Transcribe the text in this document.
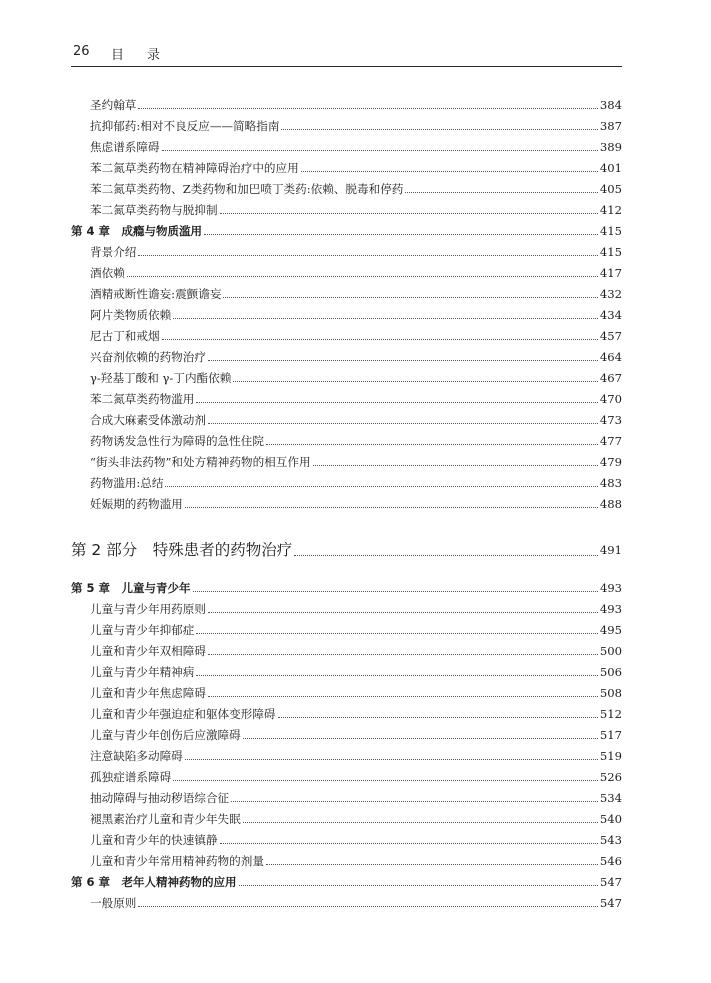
26 目 录
圣约翰草	384
抗抑郁药:相对不良反应——简略指南	387
焦虑谱系障碍	389
苯二氮草类药物在精神障碍治疗中的应用	401
苯二氮草类药物、Z类药物和加巴喷丁类药:依赖、脱毒和停药	405
苯二氮草类药物与脱抑制	412
第 4 章　成瘾与物质滥用	415
背景介绍	415
酒依赖	417
酒精戒断性谵妄:震颤谵妄	432
阿片类物质依赖	434
尼古丁和戒烟	457
兴奋剂依赖的药物治疗	464
γ-羟基丁酸和 γ-丁内酯依赖	467
苯二氮草类药物滥用	470
合成大麻素受体激动剂	473
药物诱发急性行为障碍的急性住院	477
“街头非法药物”和处方精神药物的相互作用	479
药物滥用:总结	483
妊娠期的药物滥用	488
第 2 部分　特殊患者的药物治疗	491
第 5 章　儿童与青少年	493
儿童与青少年用药原则	493
儿童与青少年抑郁症	495
儿童和青少年双相障碍	500
儿童与青少年精神病	506
儿童和青少年焦虑障碍	508
儿童和青少年强迫症和躯体变形障碍	512
儿童与青少年创伤后应激障碍	517
注意缺陷多动障碍	519
孤独症谱系障碍	526
抽动障碍与抽动秽语综合征	534
褪黑素治疗儿童和青少年失眠	540
儿童和青少年的快速镇静	543
儿童和青少年常用精神药物的剂量	546
第 6 章　老年人精神药物的应用	547
一般原则	547
